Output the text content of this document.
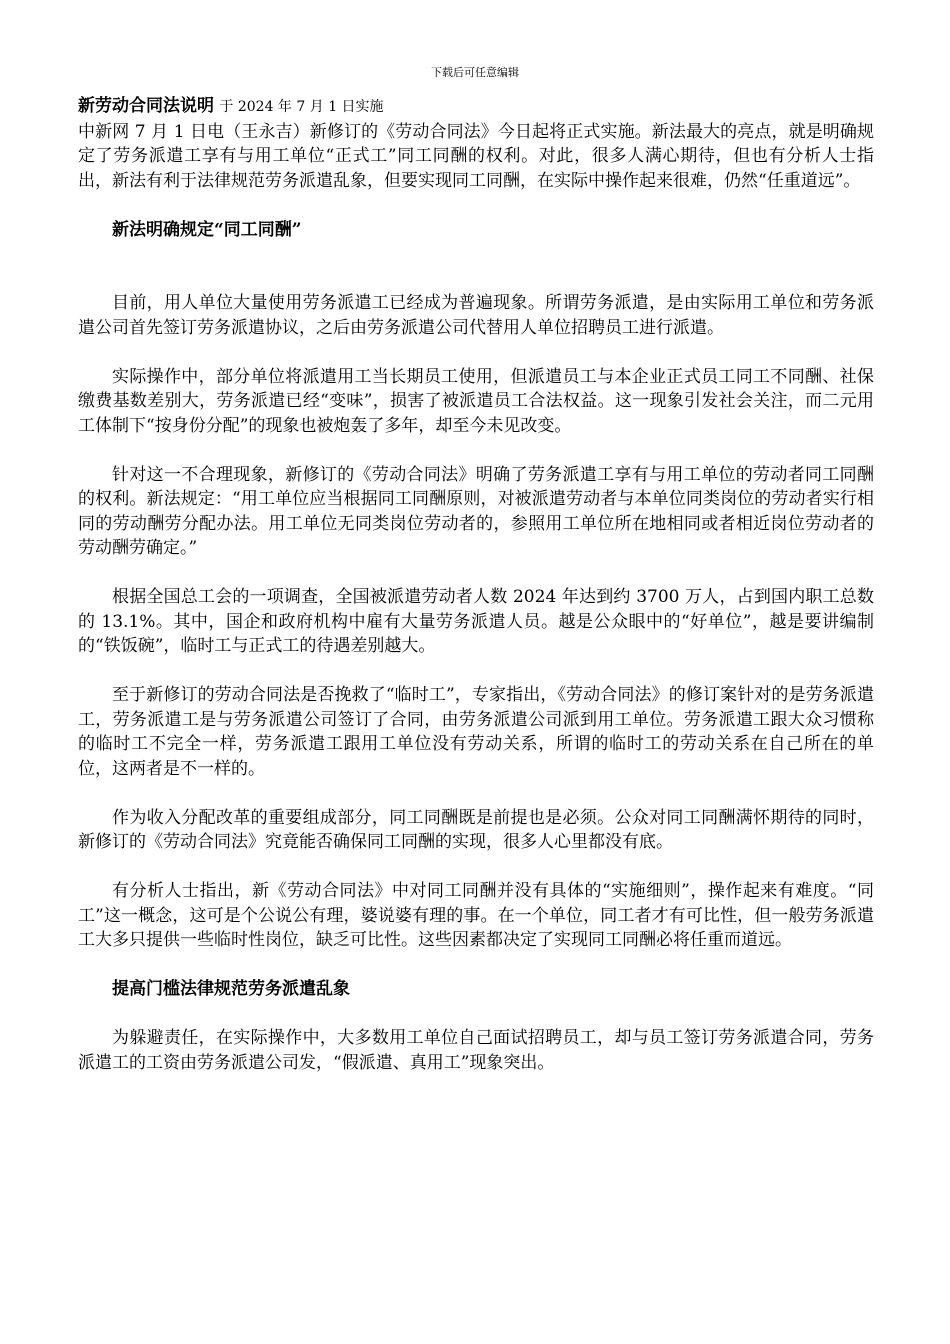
下载后可任意编辑

新劳动合同法说明 于 2024 年 7 月 1 日实施

中新网 7 月 1 日电（王永吉）新修订的《劳动合同法》今日起将正式实施。新法最大的亮点，就是明确规定了劳务派遣工享有与用工单位“正式工”同工同酬的权利。对此，很多人满心期待，但也有分析人士指出，新法有利于法律规范劳务派遣乱象，但要实现同工同酬，在实际中操作起来很难，仍然“任重道远”。

新法明确规定“同工同酬”

目前，用人单位大量使用劳务派遣工已经成为普遍现象。所谓劳务派遣，是由实际用工单位和劳务派遣公司首先签订劳务派遣协议，之后由劳务派遣公司代替用人单位招聘员工进行派遣。

实际操作中，部分单位将派遣用工当长期员工使用，但派遣员工与本企业正式员工同工不同酬、社保缴费基数差别大，劳务派遣已经“变味”，损害了被派遣员工合法权益。这一现象引发社会关注，而二元用工体制下“按身份分配”的现象也被炮轰了多年，却至今未见改变。

针对这一不合理现象，新修订的《劳动合同法》明确了劳务派遣工享有与用工单位的劳动者同工同酬的权利。新法规定：“用工单位应当根据同工同酬原则，对被派遣劳动者与本单位同类岗位的劳动者实行相同的劳动酬劳分配办法。用工单位无同类岗位劳动者的，参照用工单位所在地相同或者相近岗位劳动者的劳动酬劳确定。”

根据全国总工会的一项调查，全国被派遣劳动者人数 2024 年达到约 3700 万人，占到国内职工总数的 13.1%。其中，国企和政府机构中雇有大量劳务派遣人员。越是公众眼中的“好单位”，越是要讲编制的“铁饭碗”，临时工与正式工的待遇差别越大。

至于新修订的劳动合同法是否挽救了“临时工”，专家指出，《劳动合同法》的修订案针对的是劳务派遣工，劳务派遣工是与劳务派遣公司签订了合同，由劳务派遣公司派到用工单位。劳务派遣工跟大众习惯称的临时工不完全一样，劳务派遣工跟用工单位没有劳动关系，所谓的临时工的劳动关系在自己所在的单位，这两者是不一样的。

作为收入分配改革的重要组成部分，同工同酬既是前提也是必须。公众对同工同酬满怀期待的同时，新修订的《劳动合同法》究竟能否确保同工同酬的实现，很多人心里都没有底。

有分析人士指出，新《劳动合同法》中对同工同酬并没有具体的“实施细则”，操作起来有难度。“同工”这一概念，这可是个公说公有理，婆说婆有理的事。在一个单位，同工者才有可比性，但一般劳务派遣工大多只提供一些临时性岗位，缺乏可比性。这些因素都决定了实现同工同酬必将任重而道远。

提高门槛法律规范劳务派遣乱象

为躲避责任，在实际操作中，大多数用工单位自己面试招聘员工，却与员工签订劳务派遣合同，劳务派遣工的工资由劳务派遣公司发，“假派遣、真用工”现象突出。
